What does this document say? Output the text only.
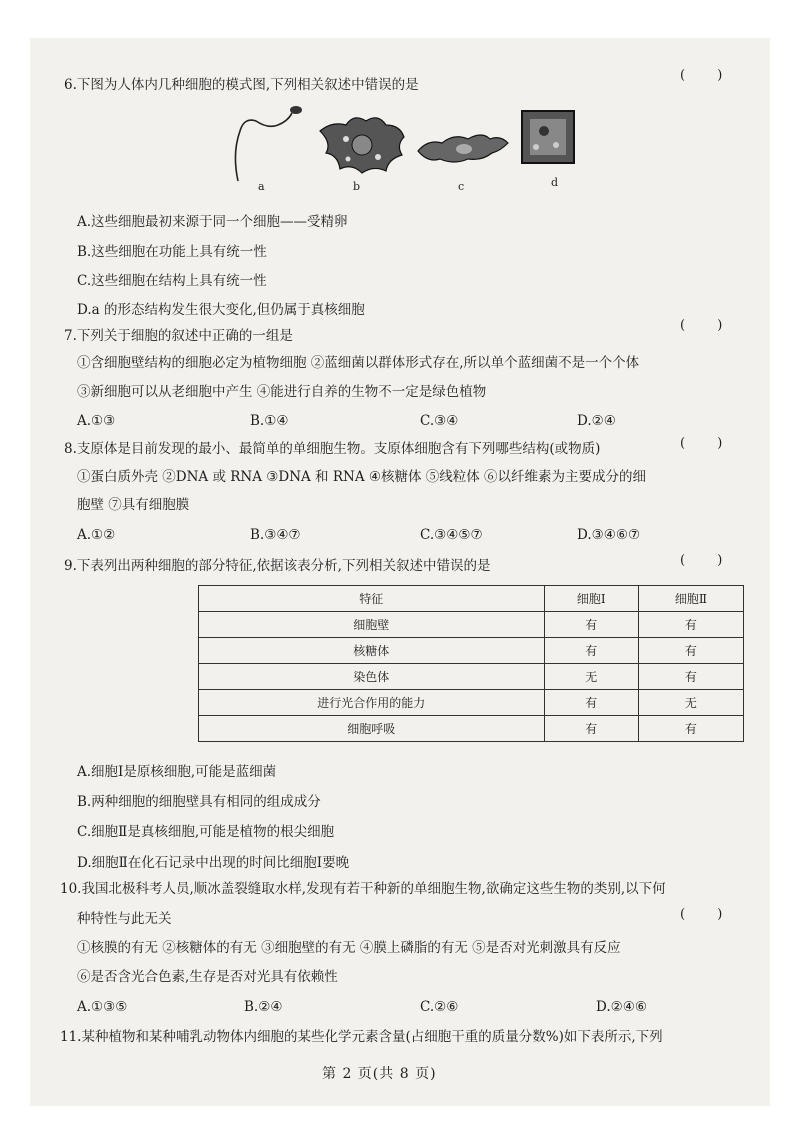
6.下图为人体内几种细胞的模式图,下列相关叙述中错误的是
( )
a	b	c	d
A.这些细胞最初来源于同一个细胞——受精卵
B.这些细胞在功能上具有统一性
C.这些细胞在结构上具有统一性
D.a 的形态结构发生很大变化,但仍属于真核细胞
7.下列关于细胞的叙述中正确的一组是
( )
①含细胞壁结构的细胞必定为植物细胞 ②蓝细菌以群体形式存在,所以单个蓝细菌不是一个个体
③新细胞可以从老细胞中产生 ④能进行自养的生物不一定是绿色植物
A.①③	B.①④	C.③④	D.②④
8.支原体是目前发现的最小、最简单的单细胞生物。支原体细胞含有下列哪些结构(或物质)	( )
①蛋白质外壳 ②DNA 或 RNA ③DNA 和 RNA ④核糖体 ⑤线粒体 ⑥以纤维素为主要成分的细
胞壁 ⑦具有细胞膜
A.①②	B.③④⑦	C.③④⑤⑦	D.③④⑥⑦
9.下表列出两种细胞的部分特征,依据该表分析,下列相关叙述中错误的是	( )
特征	细胞Ⅰ	细胞Ⅱ
细胞壁	有	有
核糖体	有	有
染色体	无	有
进行光合作用的能力	有	无
细胞呼吸	有	有
A.细胞Ⅰ是原核细胞,可能是蓝细菌
B.两种细胞的细胞壁具有相同的组成成分
C.细胞Ⅱ是真核细胞,可能是植物的根尖细胞
D.细胞Ⅱ在化石记录中出现的时间比细胞Ⅰ要晚
10.我国北极科考人员,顺冰盖裂缝取水样,发现有若干种新的单细胞生物,欲确定这些生物的类别,以下何
种特性与此无关	( )
①核膜的有无 ②核糖体的有无 ③细胞壁的有无 ④膜上磷脂的有无 ⑤是否对光刺激具有反应
⑥是否含光合色素,生存是否对光具有依赖性
A.①③⑤	B.②④	C.②⑥	D.②④⑥
11.某种植物和某种哺乳动物体内细胞的某些化学元素含量(占细胞干重的质量分数%)如下表所示,下列
第 2 页(共 8 页)
